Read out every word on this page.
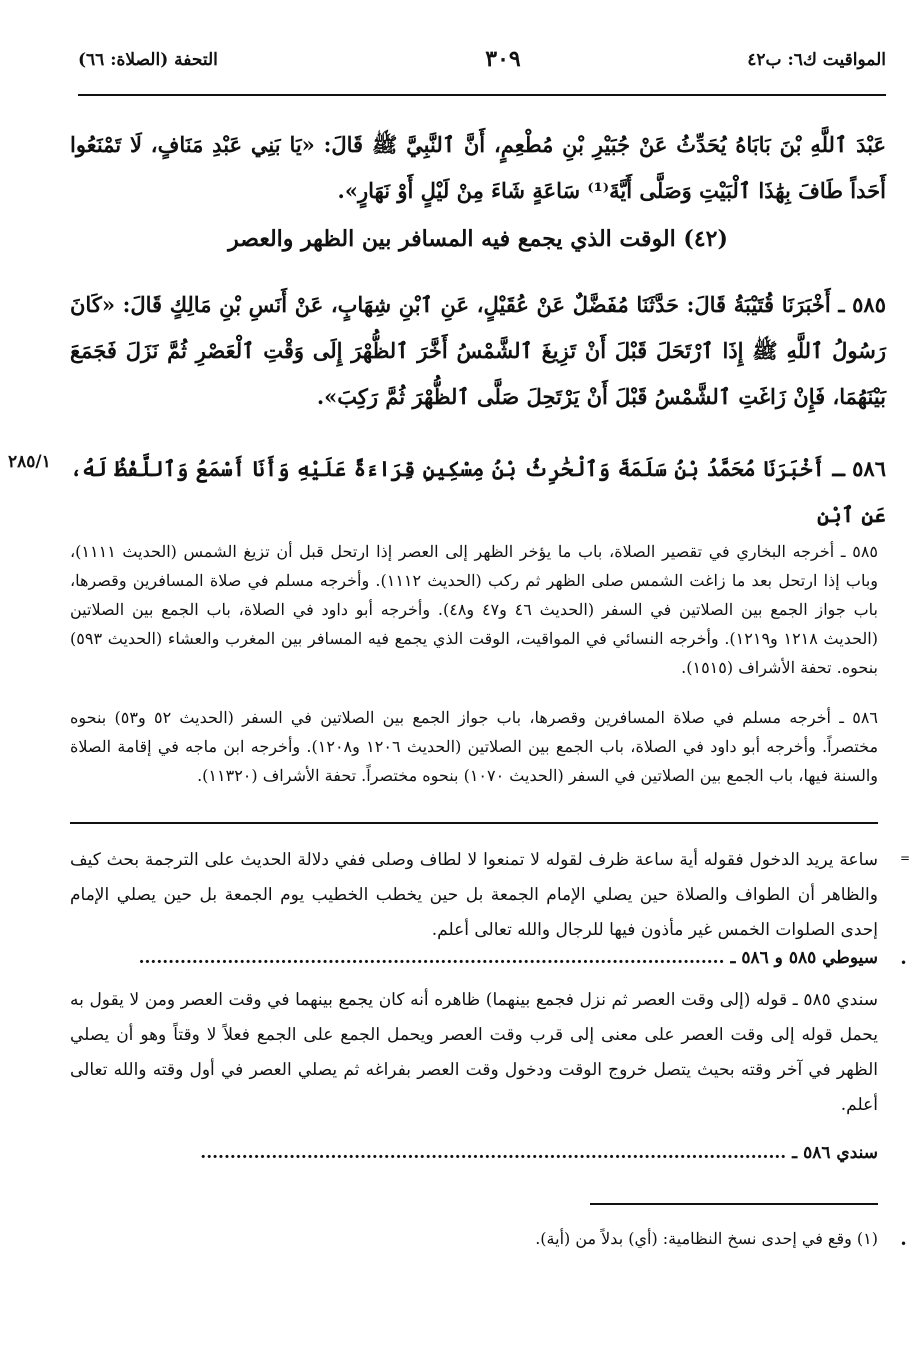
المواقيت ك٦: ب٤٢
٣٠٩
التحفة (الصلاة: ٦٦)
عَبْدَ ٱللَّهِ بْنَ بَابَاهُ يُحَدِّثُ عَنْ جُبَيْرِ بْنِ مُطْعِمٍ، أَنَّ ٱلنَّبِيَّ ﷺ قَالَ: «يَا بَنِي عَبْدِ مَنَافٍ، لَا تَمْنَعُوا أَحَداً طَافَ بِهَٰذَا ٱلْبَيْتِ وَصَلَّى أَيَّةَ⁽¹⁾ سَاعَةٍ شَاءَ مِنْ لَيْلٍ أَوْ نَهَارٍ».
(٤٢) الوقت الذي يجمع فيه المسافر بين الظهر والعصر
٥٨٥ ـ أَخْبَرَنَا قُتَيْبَةُ قَالَ: حَدَّثَنَا مُفَضَّلٌ عَنْ عُقَيْلٍ، عَنِ ٱبْنِ شِهَابٍ، عَنْ أَنَسِ بْنِ مَالِكٍ قَالَ: «كَانَ رَسُولُ ٱللَّهِ ﷺ إِذَا ٱرْتَحَلَ قَبْلَ أَنْ تَزِيغَ ٱلشَّمْسُ أَخَّرَ ٱلظُّهْرَ إِلَى وَقْتِ ٱلْعَصْرِ ثُمَّ نَزَلَ فَجَمَعَ بَيْنَهُمَا، فَإِنْ زَاغَتِ ٱلشَّمْسُ قَبْلَ أَنْ يَرْتَحِلَ صَلَّى ٱلظُّهْرَ ثُمَّ رَكِبَ».
٥٨٦ ـ أَخْبَرَنَا مُحَمَّدُ بْنُ سَلَمَةَ وَٱلْحَٰرِثُ بْنُ مِسْكِينٍ قِرَاءَةً عَلَيْهِ وَأَنَا أَسْمَعُ وَٱللَّفْظُ لَهُ، عَنِ ٱبْنِ
٢٨٥/١
٥٨٥ ـ أخرجه البخاري في تقصير الصلاة، باب ما يؤخر الظهر إلى العصر إذا ارتحل قبل أن تزيغ الشمس (الحديث ١١١١)، وباب إذا ارتحل بعد ما زاغت الشمس صلى الظهر ثم ركب (الحديث ١١١٢). وأخرجه مسلم في صلاة المسافرين وقصرها، باب جواز الجمع بين الصلاتين في السفر (الحديث ٤٦ و٤٧ و٤٨). وأخرجه أبو داود في الصلاة، باب الجمع بين الصلاتين (الحديث ١٢١٨ و١٢١٩). وأخرجه النسائي في المواقيت، الوقت الذي يجمع فيه المسافر بين المغرب والعشاء (الحديث ٥٩٣) بنحوه. تحفة الأشراف (١٥١٥).
٥٨٦ ـ أخرجه مسلم في صلاة المسافرين وقصرها، باب جواز الجمع بين الصلاتين في السفر (الحديث ٥٢ و٥٣) بنحوه مختصراً. وأخرجه أبو داود في الصلاة، باب الجمع بين الصلاتين (الحديث ١٢٠٦ و١٢٠٨). وأخرجه ابن ماجه في إقامة الصلاة والسنة فيها، باب الجمع بين الصلاتين في السفر (الحديث ١٠٧٠) بنحوه مختصراً. تحفة الأشراف (١١٣٢٠).
=
ساعة يريد الدخول فقوله أية ساعة ظرف لقوله لا تمنعوا لا لطاف وصلى ففي دلالة الحديث على الترجمة بحث كيف والظاهر أن الطواف والصلاة حين يصلي الإمام الجمعة بل حين يخطب الخطيب يوم الجمعة بل حين يصلي الإمام إحدى الصلوات الخمس غير مأذون فيها للرجال والله تعالى أعلم.
•
سيوطي ٥٨٥ و ٥٨٦ ـ ...................................................................................................
سندي ٥٨٥ ـ قوله (إلى وقت العصر ثم نزل فجمع بينهما) ظاهره أنه كان يجمع بينهما في وقت العصر ومن لا يقول به يحمل قوله إلى وقت العصر على معنى إلى قرب وقت العصر ويحمل الجمع على الجمع فعلاً لا وقتاً وهو أن يصلي الظهر في آخر وقته بحيث يتصل خروج الوقت ودخول وقت العصر بفراغه ثم يصلي العصر في أول وقته والله تعالى أعلم.
سندي ٥٨٦ ـ ...................................................................................................
•
(١) وقع في إحدى نسخ النظامية: (أي) بدلاً من (أية).
